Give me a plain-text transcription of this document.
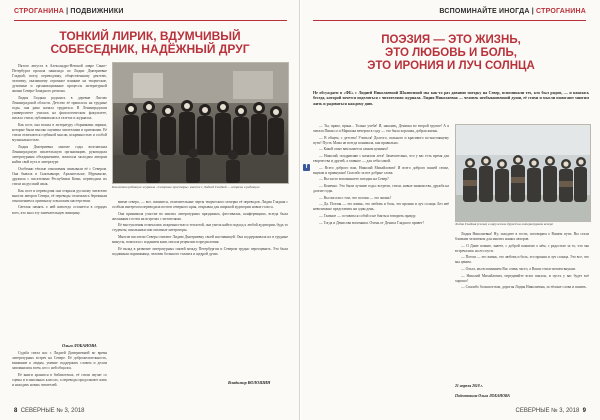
СТРОГАНИНА | ПОДВИЖНИКИ
ТОНКИЙ ЛИРИК, ВДУМЧИВЫЙ
СОБЕСЕДНИК, НАДЁЖНЫЙ ДРУГ

Пятого августа в Александро-Невской лавре Санкт-Петербурга прошла панихида по Лидии Дмитриевне Гладкой, поэту, переводчику, общественному деятелю, человеку, оказавшему огромное влияние на творческие, духовные и организационные процессы литературной жизни Северо-Западного региона.

Лидия Гладкая родилась в деревне Лигово Ленинградской области. Детство её пришлось на трудные годы, она рано начала трудиться. В Ленинградском университете училась на филологическом факультете, писала стихи, публиковалась в газетах и журналах.

Как поэт, она вошла в литературу сборниками лирики, которые были высоко оценены читателями и критиками. Её стихи отличаются глубиной мысли, искренностью и особой музыкальностью.

Лидия Дмитриевна многие годы возглавляла Ленинградскую писательскую организацию, руководила литературным объединением, помогала молодым авторам найти свой путь в литературе.

Особенно тёплые отношения связывали её с Севером. Она бывала в Сыктывкаре, Архангельске, Мурманске, дружила с писателями Республики Коми, переводила их стихи на русский язык.

Как поэт и переводчик она открыла русскому читателю многих авторов Севера, её переводы отличались бережным отношением к оригиналу и высоким мастерством.

Светлая память о ней навсегда останется в сердцах всех, кто знал эту замечательную женщину.

Ольга ЛОБАНОВА

Судьба свела нас с Лидией Дмитриевной во время литературных встреч на Севере. Её доброжелательность, внимание к людям, умение поддержать словом и делом запомнились всем, кто с ней общался.

Её книги хранятся в библиотеках, её стихи звучат со сцены и в школьных классах, а переводы продолжают жить и находить новых читателей.

Коллектив редакции журнала «Северные просторы» вместе с Лидией Гладкой — встреча в редакции
Фото:

вмене северо, — вот, помнится, отличительные черты творческого почерка её переводов. Лидия Гладкая с особым интересом переводила поэтов северного края, открывая для широкой аудитории новые голоса.

Она принимала участие во многих литературных праздниках, фестивалях, конференциях, всегда была желанным гостем на встречах с читателями.

Её выступления отличались искренностью и теплотой, она умела найти подход к любой аудитории, будь то студенты, школьники или опытные литераторы.

Многие писатели Севера считают Лидию Дмитриевну своей наставницей. Она поддерживала их в трудные минуты, помогала с изданием книг, писала рецензии и предисловия.

Её вклад в развитие литературных связей между Петербургом и Севером трудно переоценить. Это была подлинная подвижница, человек большого таланта и щедрой души.

Владимир ВОЛОШИН
8 СЕВЕРНЫЕ № 3, 2018
ВСПОМИНАЙТЕ ИНОГДА | СТРОГАНИНА
ПОЭЗИЯ — ЭТО ЖИЗНЬ,
ЭТО ЛЮБОВЬ И БОЛЬ,
ЭТО ИРОНИЯ И ЛУЧ СОЛНЦА
Не обсуждаем в «ФБ» с Лидией Николаевной Шалюгиной мы как-то раз давнюю поездку на Север, вспоминали тех, кто был рядом, — и нашлась беседа, которой хочется поделиться с читателями журнала. Лидия Николаевна — человек необыкновенной души, её стихи и мысли помогают многим жить и радоваться каждому дню.

— Ты, право, прана... Только учеба! И, наконец, Дениска во второй группе! А я читала Пикассо и Маршака вечером в саду — это была хорошая, добрая жизнь.

— В общем, с детства! Учиться! Долгого, сильного и красивого по-настоящему пути! Пусть Мама не всегда понимала, как правильно.

— Какой опыт вам кажется самым ценным?

— Николай, поздравляю с началом лета! Замечательно, что у вас есть время для творчества и друзей, а главное — для себя самой.

— Всего доброго вам, Николай Михайлович! И всего доброго вашей семье, внукам и правнукам! Спасибо за все добрые слова.

— Вы часто вспоминаете поездки на Север?

— Конечно. Это были лучшие годы: встречи, стихи, новые знакомства, дружба на долгие годы.

— Вы писали о том, что поэзия — это жизнь?

— Да. Поэзия — это жизнь, это любовь и боль, это ирония и луч солнца. Без неё невозможно представить ни один день.

— Главное — оставаться собой и не бояться говорить правду.

— Тогда и Денисова вспомним. Очень от Дениса Гладкого привет!	Лидия Гладкая (слева) в окружении друзей на литературном вечере

Лидия Николаевна! Ну, заходите в гости, поговорим о Вашем пути. Вы стали близким человеком для многих наших авторов.

— О Диме помню, знаете, с доброй памятью о нём, с радостью за то, что мы встречались на его пути.

— Потом — это жизнь, это любовь и боль, это ирония и луч солнца. Это все, что мы ценим.

— Ольга, мы вспоминаем Вас очень часто, а Ваши стихи читаем внукам.

— Николай Михайлович, передавайте всем поклон, и пусть у вас будет всё хорошо!

— Спасибо большое вам, дорогая Лидия Николаевна, за тёплые слова и память.

21 апреля 2018 г.
Подготовила Ольга ЛОБАНОВА
СЕВЕРНЫЕ № 3, 2018 9
f
